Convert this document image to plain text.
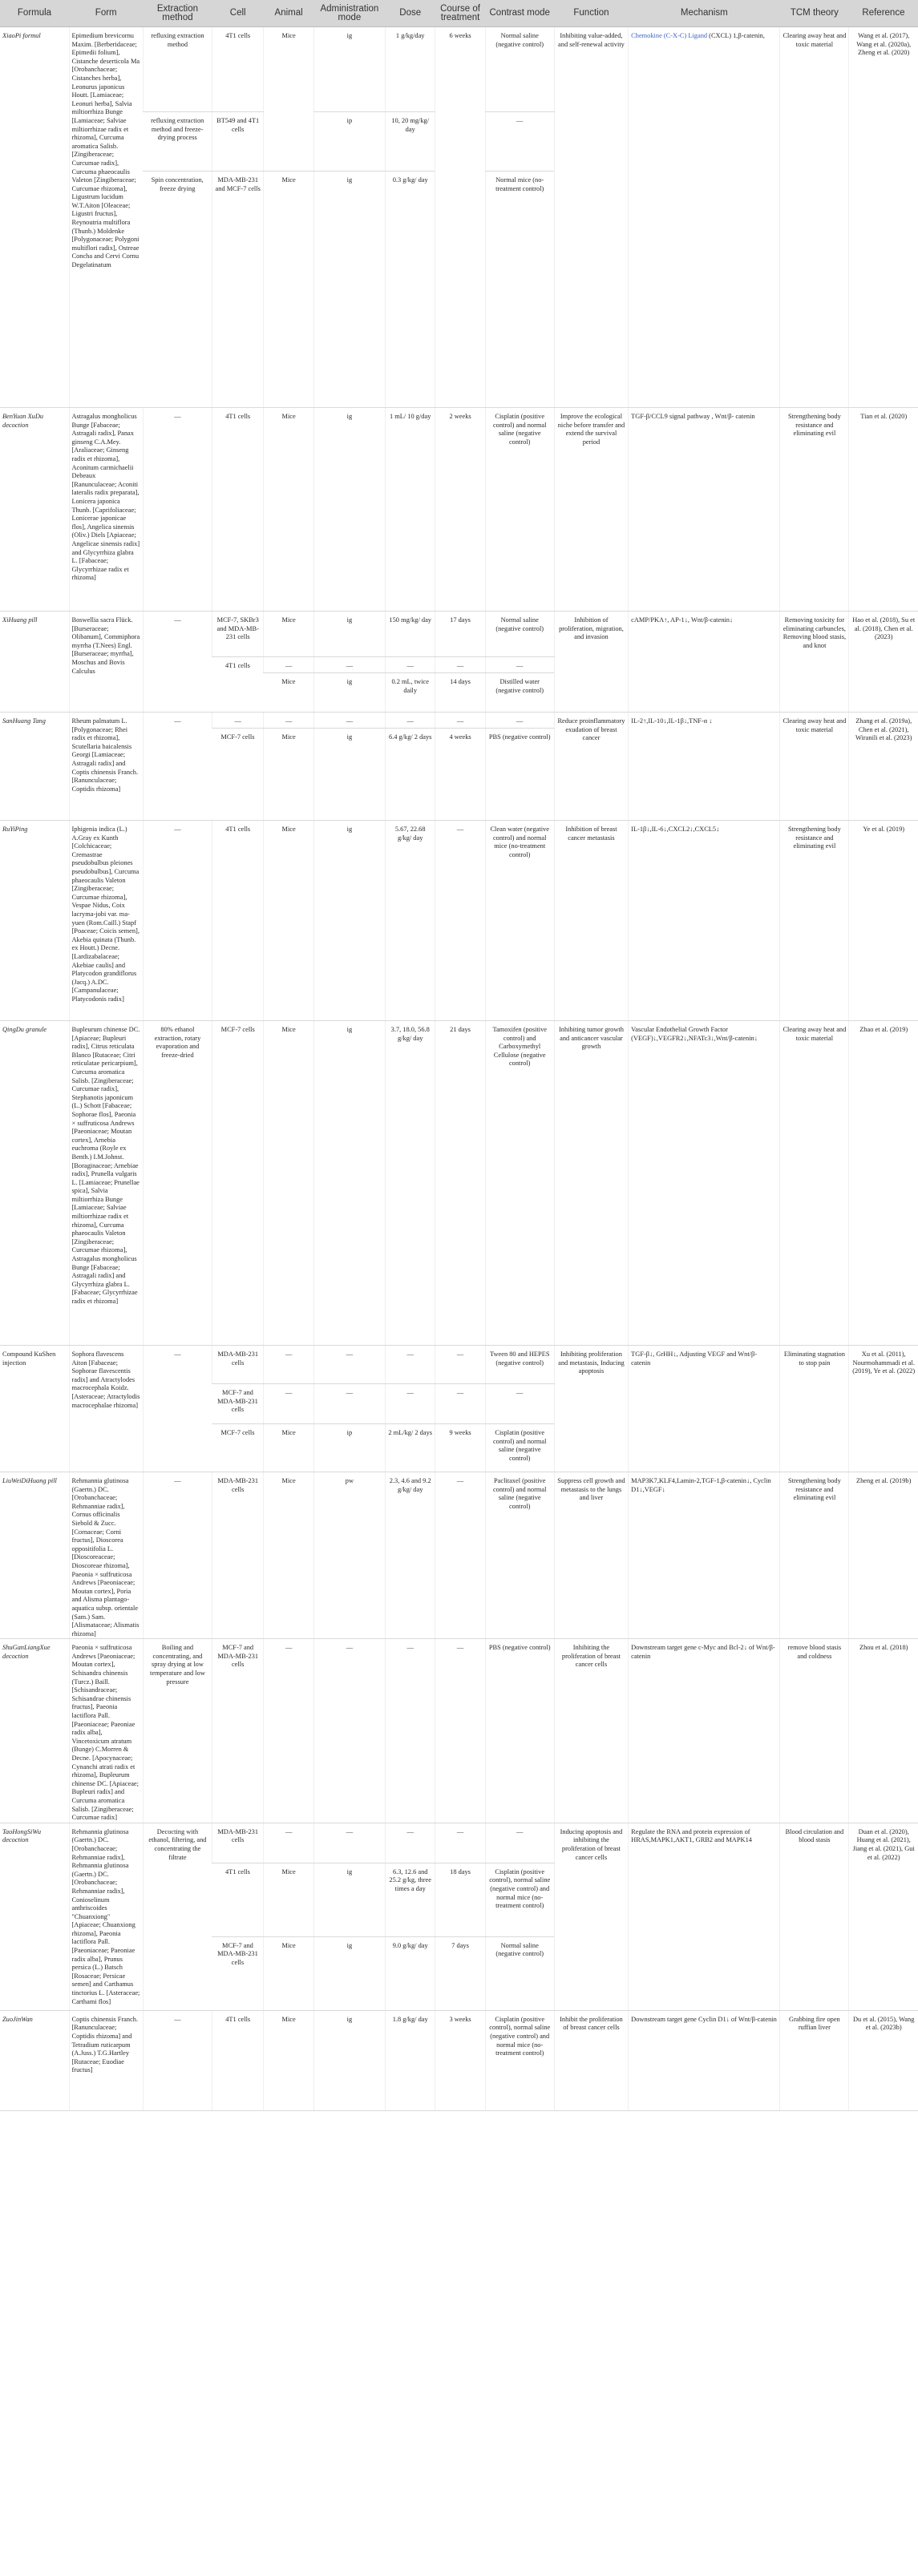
Formula	Form	Extraction method	Cell	Animal	Administration mode	Dose	Course of treatment	Contrast mode	Function	Mechanism	TCM theory	Reference
XiaoPi formul	Epimedium brevicornu Maxim. [Berberidaceae; Epimedii folium], Cistanche deserticola Ma [Orobanchaceae; Cistanches herba], Leonurus japonicus Houtt. [Lamiaceae; Leonuri herba], Salvia miltiorrhiza Bunge [Lamiaceae; Salviae miltiorrhizae radix et rhizoma], Curcuma aromatica Salisb. [Zingiberaceae; Curcumae radix], Curcuma phaeocaulis Valeton [Zingiberaceae; Curcumae rhizoma], Ligustrum lucidum W.T.Aiton [Oleaceae; Ligustri fructus], Reynoutria multiflora (Thunb.) Moldenke [Polygonaceae; Polygoni multiflori radix], Ostreae Concha and Cervi Cornu Degelatinatum	refluxing extraction method	4T1 cells	Mice	ig	1 g/kg/day	6 weeks	Normal saline (negative control)	Inhibiting value-added, and self-renewal activity	Chemokine (C-X-C) Ligand (CXCL) 1,β-catenin,	Clearing away heat and toxic material	Wang et al. (2017), Wang et al. (2020a), Zheng et al. (2020)
		refluxing extraction method and freeze-drying process	BT549 and 4T1 cells		ip	10, 20 mg/kg/ day		—				
		Spin concentration, freeze drying	MDA-MB-231 and MCF-7 cells	Mice	ig	0.3 g/kg/ day		Normal mice (no-treatment control)				
BenYuan XuDu decoction	Astragalus mongholicus Bunge [Fabaceae; Astragali radix], Panax ginseng C.A.Mey. [Araliaceae; Ginseng radix et rhizoma], Aconitum carmichaelii Debeaux [Ranunculaceae; Aconiti lateralis radix preparata], Lonicera japonica Thunb. [Caprifoliaceae; Lonicerae japonicae flos], Angelica sinensis (Oliv.) Diels [Apiaceae; Angelicae sinensis radix] and Glycyrrhiza glabra L. [Fabaceae; Glycyrrhizae radix et rhizoma]	—	4T1 cells	Mice	ig	1 mL/ 10 g/day	2 weeks	Cisplatin (positive control) and normal saline (negative control)	Improve the ecological niche before transfer and extend the survival period	TGF-β/CCL9 signal pathway , Wnt/β- catenin	Strengthening body resistance and eliminating evil	Tian et al. (2020)
XiHuang pill	Boswellia sacra Flück. [Burseraceae; Olibanum], Commiphora myrrha (T.Nees) Engl. [Burseraceae; myrrha], Moschus and Bovis Calculus	—	MCF-7, SKBr3 and MDA-MB-231 cells	Mice	ig	150 mg/kg/ day	17 days	Normal saline (negative control)	Inhibition of proliferation, migration, and invasion	cAMP/PKA↑, AP-1↓, Wnt/β-catenin↓	Removing toxicity for eliminating carbuncles, Removing blood stasis, and knot	Hao et al. (2018), Su et al. (2018), Chen et al. (2023)
			4T1 cells	—	—	—	—	—				
				Mice	ig	0.2 mL, twice daily	14 days	Distilled water (negative control)				
SanHuang Tang	Rheum palmatum L. [Polygonaceae; Rhei radix et rhizoma], Scutellaria baicalensis Georgi [Lamiaceae; Astragali radix] and Coptis chinensis Franch. [Ranunculaceae; Coptidis rhizoma]	—	—	—	—	—	—	—	Reduce proinflammatory exudation of breast cancer	IL-2↑,IL-10↓,IL-1β↓,TNF-α ↓	Clearing away heat and toxic material	Zhang et al. (2019a), Chen et al. (2021), Wiranili et al. (2023)
			MCF-7 cells	Mice	ig	6.4 g/kg/ 2 days	4 weeks	PBS (negative control)				
RuYiPing	Iphigenia indica (L.) A.Gray ex Kunth [Colchicaceae; Cremastrae pseudobulbus pleiones pseudobulbus], Curcuma phaeocaulis Valeton [Zingiberaceae; Curcumae rhizoma], Vespae Nidus, Coix lacryma-jobi var. ma-yuen (Rom.Caill.) Stapf [Poaceae; Coicis semen], Akebia quinata (Thunb. ex Houtt.) Decne. [Lardizabalaceae; Akebiae caulis] and Platycodon grandiflorus (Jacq.) A.DC. [Campanulaceae; Platycodonis radix]	—	4T1 cells	Mice	ig	5.67, 22.68 g/kg/ day	—	Clean water (negative control) and normal mice (no-treatment control)	Inhibition of breast cancer metastasis	IL-1β↓,IL-6↓,CXCL2↓,CXCL5↓	Strengthening body resistance and eliminating evil	Ye et al. (2019)
QingDu granule	Bupleurum chinense DC. [Apiaceae; Bupleuri radix], Citrus reticulata Blanco [Rutaceae; Citri reticulatae pericarpium], Curcuma aromatica Salisb. [Zingiberaceae; Curcumae radix], Stephanotis japonicum (L.) Schott [Fabaceae; Sophorae flos], Paeonia × suffruticosa Andrews [Paeoniaceae; Moutan cortex], Arnebia euchroma (Royle ex Benth.) I.M.Johnst. [Boraginaceae; Arnebiae radix], Prunella vulgaris L. [Lamiaceae; Prunellae spica], Salvia miltiorrhiza Bunge [Lamiaceae; Salviae miltiorrhizae radix et rhizoma], Curcuma phaeocaulis Valeton [Zingiberaceae; Curcumae rhizoma], Astragalus mongholicus Bunge [Fabaceae; Astragali radix] and Glycyrrhiza glabra L. [Fabaceae; Glycyrrhizae radix et rhizoma]	80% ethanol extraction, rotary evaporation and freeze-dried	MCF-7 cells	Mice	ig	3.7, 18.0, 56.8 g/kg/ day	21 days	Tamoxifen (positive control) and Carboxymethyl Cellulose (negative control)	Inhibiting tumor growth and anticancer vascular growth	Vascular Endothelial Growth Factor (VEGF)↓,VEGFR2↓,NFATc3↓,Wnt/β-catenin↓	Clearing away heat and toxic material	Zhao et al. (2019)
Compound KuShen injection	Sophora flavescens Aiton [Fabaceae; Sophorae flavescentis radix] and Atractylodes macrocephala Koidz. [Asteraceae; Atractylodis macrocephalae rhizoma]	—	MDA-MB-231 cells	—	—	—	—	Tween 80 and HEPES (negative control)	Inhibiting proliferation and metastasis, Inducing apoptosis	TGF-β↓, GrHH↓, Adjusting VEGF and Wnt/β- catenin	Eliminating stagnation to stop pain	Xu et al. (2011), Nourmohammadi et al. (2019), Ye et al. (2022)
			MCF-7 and MDA-MB-231 cells	—	—	—	—	—				
			MCF-7 cells	Mice	ip	2 mL/kg/ 2 days	9 weeks	Cisplatin (positive control) and normal saline (negative control)				
LiuWeiDiHuang pill	Rehmannia glutinosa (Gaertn.) DC. [Orobanchaceae; Rehmanniae radix], Cornus officinalis Siebold & Zucc. [Cornaceae; Corni fructus], Dioscorea oppositifolia L. [Dioscoreaceae; Dioscoreae rhizoma], Paeonia × suffruticosa Andrews [Paeoniaceae; Moutan cortex], Poria and Alisma plantago-aquatica subsp. orientale (Sam.) Sam. [Alismataceae; Alismatis rhizoma]	—	MDA-MB-231 cells	Mice	pw	2.3, 4.6 and 9.2 g/kg/ day	—	Paclitaxel (positive control) and normal saline (negative control)	Suppress cell growth and metastasis to the lungs and liver	MAP3K7,KLF4,Lamin-2,TGF-1,β-catenin↓, Cyclin D1↓,VEGF↓	Strengthening body resistance and eliminating evil	Zheng et al. (2019b)
ShuGanLiangXue decoction	Paeonia × suffruticosa Andrews [Paeoniaceae; Moutan cortex], Schisandra chinensis (Turcz.) Baill. [Schisandraceae; Schisandrae chinensis fructus], Paeonia lactiflora Pall. [Paeoniaceae; Paeoniae radix alba], Vincetoxicum atratum (Bunge) C.Morren & Decne. [Apocynaceae; Cynanchi atrati radix et rhizoma], Bupleurum chinense DC. [Apiaceae; Bupleuri radix] and Curcuma aromatica Salisb. [Zingiberaceae; Curcumae radix]	Boiling and concentrating, and spray drying at low temperature and low pressure	MCF-7 and MDA-MB-231 cells	—	—	—	—	PBS (negative control)	Inhibiting the proliferation of breast cancer cells	Downstream target gene c-Myc and Bcl-2↓ of Wnt/β-catenin	remove blood stasis and coldness	Zhou et al. (2018)
TaoHongSiWu decoction	Rehmannia glutinosa (Gaertn.) DC. [Orobanchaceae; Rehmanniae radix], Rehmannia glutinosa (Gaertn.) DC. [Orobanchaceae; Rehmanniae radix], Conioselinum anthriscoides "Chuanxiong" [Apiaceae; Chuanxiong rhizoma], Paeonia lactiflora Pall. [Paeoniaceae; Paeoniae radix alba], Prunus persica (L.) Batsch [Rosaceae; Persicae semen] and Carthamus tinctorius L. [Asteraceae; Carthami flos]	Decocting with ethanol, filtering, and concentrating the filtrate	MDA-MB-231 cells	—	—	—	—	—	Inducing apoptosis and inhibiting the proliferation of breast cancer cells	Regulate the RNA and protein expression of HRAS,MAPK1,AKT1, GRB2 and MAPK14	Blood circulation and blood stasis	Duan et al. (2020), Huang et al. (2021), Jiang et al. (2021), Gui et al. (2022)
			4T1 cells	Mice	ig	6.3, 12.6 and 25.2 g/kg, three times a day	18 days	Cisplatin (positive control), normal saline (negative control) and normal mice (no-treatment control)				
			MCF-7 and MDA-MB-231 cells	Mice	ig	9.0 g/kg/ day	7 days	Normal saline (negative control)				
ZuoJinWan	Coptis chinensis Franch. [Ranunculaceae; Coptidis rhizoma] and Tetradium ruticarpum (A.Juss.) T.G.Hartley [Rutaceae; Euodiae fructus]	—	4T1 cells	Mice	ig	1.8 g/kg/ day	3 weeks	Cisplatin (positive control), normal saline (negative control) and normal mice (no-treatment control)	Inhibit the proliferation of breast cancer cells	Downstream target gene Cyclin D1↓ of Wnt/β-catenin	Grabbing fire open ruffian liver	Du et al. (2015), Wang et al. (2023b)
